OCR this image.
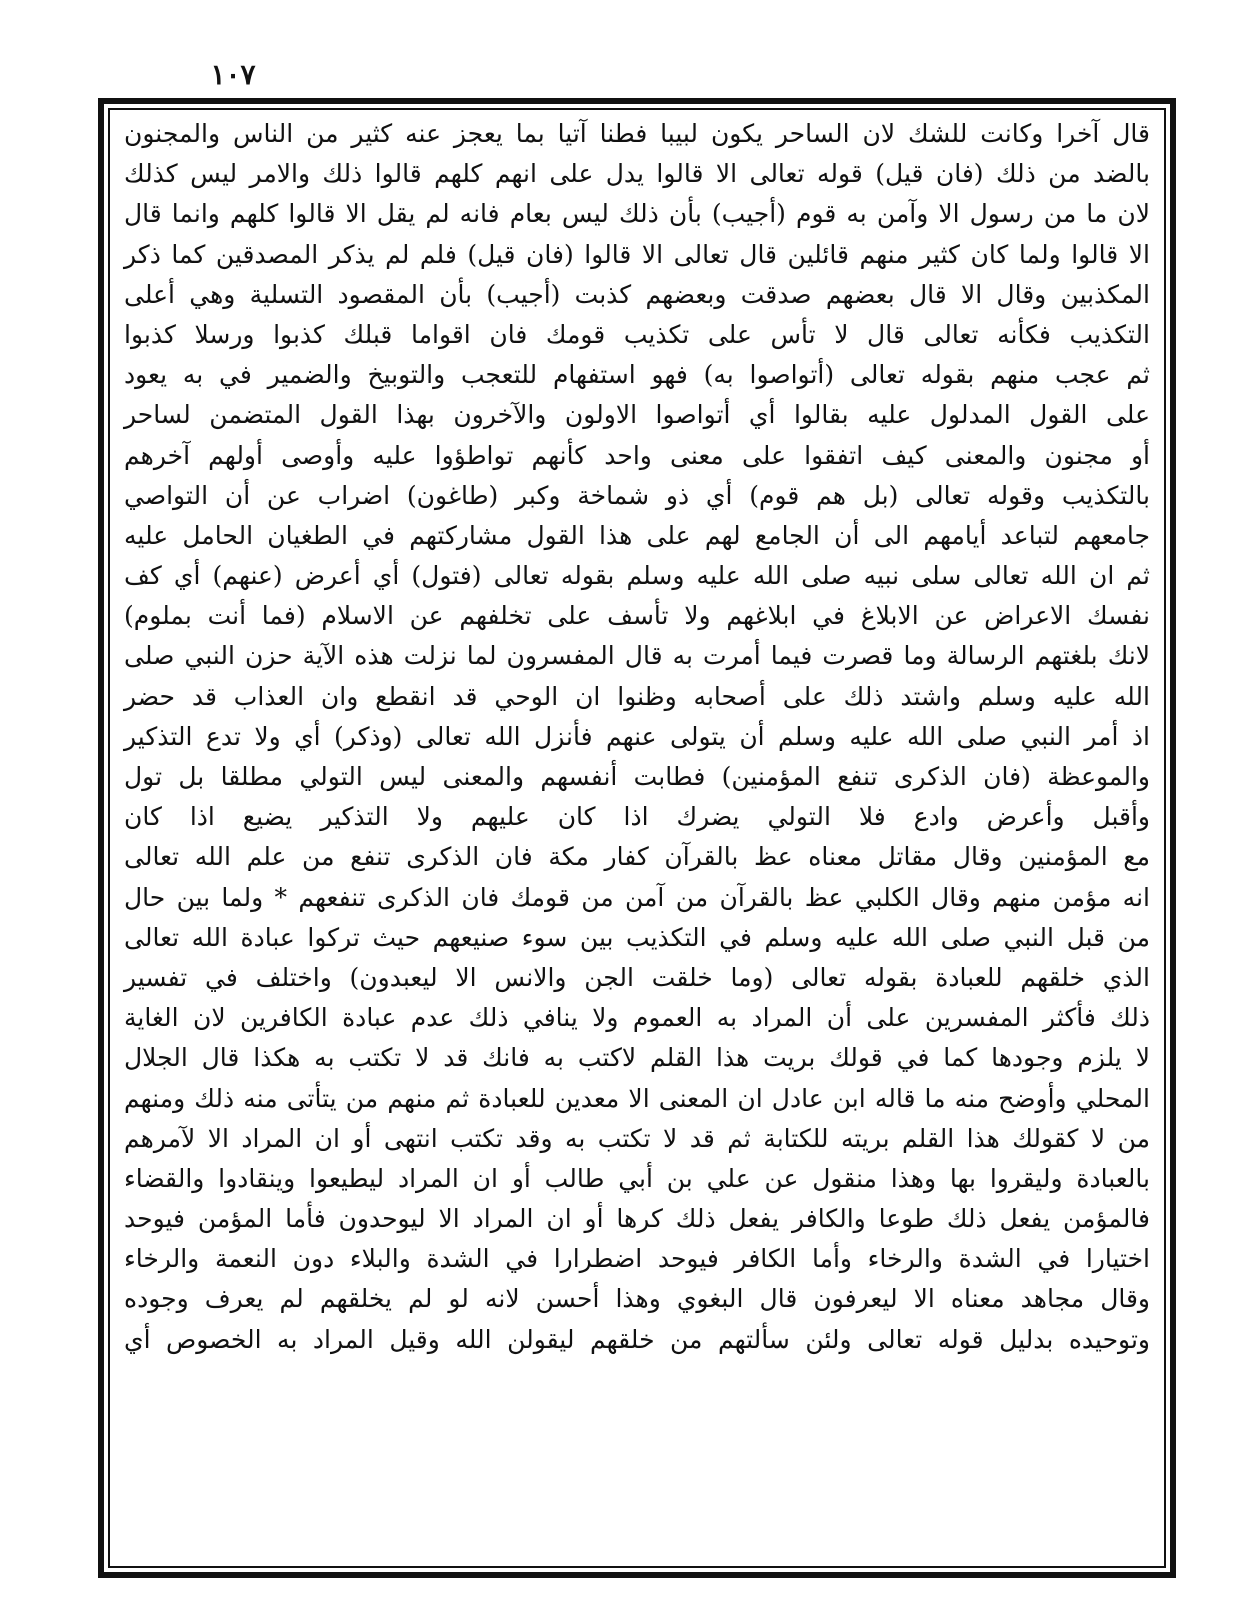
١٠٧
قال آخرا وكانت للشك لان الساحر يكون لبيبا فطنا آتيا بما يعجز عنه كثير من الناس والمجنون
بالضد من ذلك (فان قيل) قوله تعالى الا قالوا يدل على انهم كلهم قالوا ذلك والامر ليس كذلك
لان ما من رسول الا وآمن به قوم (أجيب) بأن ذلك ليس بعام فانه لم يقل الا قالوا كلهم وانما قال
الا قالوا ولما كان كثير منهم قائلين قال تعالى الا قالوا (فان قيل) فلم لم يذكر المصدقين كما ذكر
المكذبين وقال الا قال بعضهم صدقت وبعضهم كذبت (أجيب) بأن المقصود التسلية وهي أعلى
التكذيب فكأنه تعالى قال لا تأس على تكذيب قومك فان اقواما قبلك كذبوا ورسلا كذبوا
ثم عجب منهم بقوله تعالى (أتواصوا به) فهو استفهام للتعجب والتوبيخ والضمير في به يعود
على القول المدلول عليه بقالوا أي أتواصوا الاولون والآخرون بهذا القول المتضمن لساحر
أو مجنون والمعنى كيف اتفقوا على معنى واحد كأنهم تواطؤوا عليه وأوصى أولهم آخرهم
بالتكذيب وقوله تعالى (بل هم قوم) أي ذو شماخة وكبر (طاغون) اضراب عن أن التواصي
جامعهم لتباعد أيامهم الى أن الجامع لهم على هذا القول مشاركتهم في الطغيان الحامل عليه
ثم ان الله تعالى سلى نبيه صلى الله عليه وسلم بقوله تعالى (فتول) أي أعرض (عنهم) أي كف
نفسك الاعراض عن الابلاغ في ابلاغهم ولا تأسف على تخلفهم عن الاسلام (فما أنت بملوم)
لانك بلغتهم الرسالة وما قصرت فيما أمرت به قال المفسرون لما نزلت هذه الآية حزن النبي صلى
الله عليه وسلم واشتد ذلك على أصحابه وظنوا ان الوحي قد انقطع وان العذاب قد حضر
اذ أمر النبي صلى الله عليه وسلم أن يتولى عنهم فأنزل الله تعالى (وذكر) أي ولا تدع التذكير
والموعظة (فان الذكرى تنفع المؤمنين) فطابت أنفسهم والمعنى ليس التولي مطلقا بل تول
وأقبل وأعرض وادع فلا التولي يضرك اذا كان عليهم ولا التذكير يضيع اذا كان
مع المؤمنين وقال مقاتل معناه عظ بالقرآن كفار مكة فان الذكرى تنفع من علم الله تعالى
انه مؤمن منهم وقال الكلبي عظ بالقرآن من آمن من قومك فان الذكرى تنفعهم * ولما بين حال
من قبل النبي صلى الله عليه وسلم في التكذيب بين سوء صنيعهم حيث تركوا عبادة الله تعالى
الذي خلقهم للعبادة بقوله تعالى (وما خلقت الجن والانس الا ليعبدون) واختلف في تفسير
ذلك فأكثر المفسرين على أن المراد به العموم ولا ينافي ذلك عدم عبادة الكافرين لان الغاية
لا يلزم وجودها كما في قولك بريت هذا القلم لاكتب به فانك قد لا تكتب به هكذا قال الجلال
المحلي وأوضح منه ما قاله ابن عادل ان المعنى الا معدين للعبادة ثم منهم من يتأتى منه ذلك ومنهم
من لا كقولك هذا القلم بريته للكتابة ثم قد لا تكتب به وقد تكتب انتهى أو ان المراد الا لآمرهم
بالعبادة وليقروا بها وهذا منقول عن علي بن أبي طالب أو ان المراد ليطيعوا وينقادوا والقضاء
فالمؤمن يفعل ذلك طوعا والكافر يفعل ذلك كرها أو ان المراد الا ليوحدون فأما المؤمن فيوحد
اختيارا في الشدة والرخاء وأما الكافر فيوحد اضطرارا في الشدة والبلاء دون النعمة والرخاء
وقال مجاهد معناه الا ليعرفون قال البغوي وهذا أحسن لانه لو لم يخلقهم لم يعرف وجوده
وتوحيده بدليل قوله تعالى ولئن سألتهم من خلقهم ليقولن الله وقيل المراد به الخصوص أي
